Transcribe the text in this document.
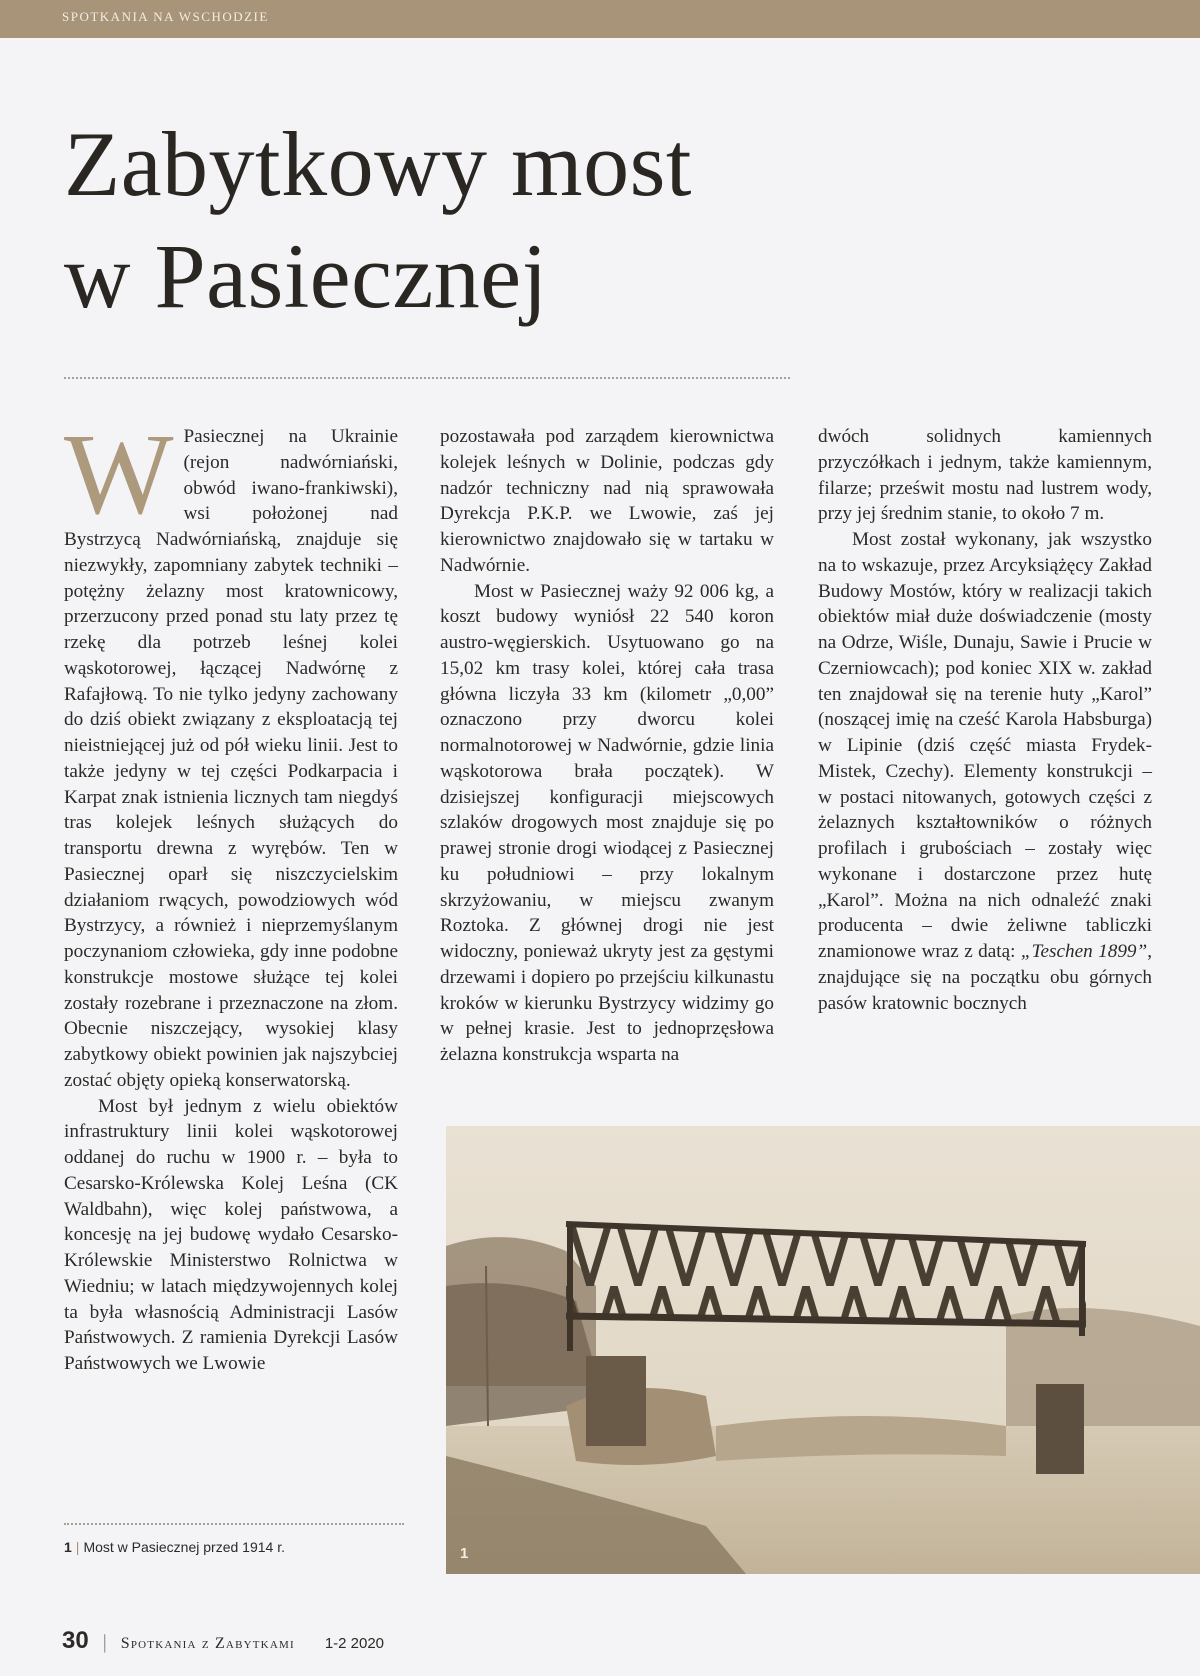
SPOTKANIA NA WSCHODZIE
Zabytkowy most
w Pasiecznej

W Pasiecznej na Ukrainie (rejon nadwórniański, obwód iwano-frankiwski), wsi położonej nad Bystrzycą Nadwórniańską, znajduje się niezwykły, zapomniany zabytek techniki – potężny żelazny most kratownicowy, przerzucony przed ponad stu laty przez tę rzekę dla potrzeb leśnej kolei wąskotorowej, łączącej Nadwórnę z Rafajłową. To nie tylko jedyny zachowany do dziś obiekt związany z eksploatacją tej nieistniejącej już od pół wieku linii. Jest to także jedyny w tej części Podkarpacia i Karpat znak istnienia licznych tam niegdyś tras kolejek leśnych służących do transportu drewna z wyrębów. Ten w Pasiecznej oparł się niszczycielskim działaniom rwących, powodziowych wód Bystrzycy, a również i nieprzemyślanym poczynaniom człowieka, gdy inne podobne konstrukcje mostowe służące tej kolei zostały rozebrane i przeznaczone na złom. Obecnie niszczejący, wysokiej klasy zabytkowy obiekt powinien jak najszybciej zostać objęty opieką konserwatorską.

Most był jednym z wielu obiektów infrastruktury linii kolei wąskotorowej oddanej do ruchu w 1900 r. – była to Cesarsko-Królewska Kolej Leśna (CK Waldbahn), więc kolej państwowa, a koncesję na jej budowę wydało Cesarsko-Królewskie Ministerstwo Rolnictwa w Wiedniu; w latach międzywojennych kolej ta była własnością Administracji Lasów Państwowych. Z ramienia Dyrekcji Lasów Państwowych we Lwowie

pozostawała pod zarządem kierownictwa kolejek leśnych w Dolinie, podczas gdy nadzór techniczny nad nią sprawowała Dyrekcja P.K.P. we Lwowie, zaś jej kierownictwo znajdowało się w tartaku w Nadwórnie.

Most w Pasiecznej waży 92 006 kg, a koszt budowy wyniósł 22 540 koron austro-węgierskich. Usytuowano go na 15,02 km trasy kolei, której cała trasa główna liczyła 33 km (kilometr „0,00” oznaczono przy dworcu kolei normalnotorowej w Nadwórnie, gdzie linia wąskotorowa brała początek). W dzisiejszej konfiguracji miejscowych szlaków drogowych most znajduje się po prawej stronie drogi wiodącej z Pasiecznej ku południowi – przy lokalnym skrzyżowaniu, w miejscu zwanym Roztoka. Z głównej drogi nie jest widoczny, ponieważ ukryty jest za gęstymi drzewami i dopiero po przejściu kilkunastu kroków w kierunku Bystrzycy widzimy go w pełnej krasie. Jest to jednoprzęsłowa żelazna konstrukcja wsparta na

dwóch solidnych kamiennych przyczółkach i jednym, także kamiennym, filarze; prześwit mostu nad lustrem wody, przy jej średnim stanie, to około 7 m.

Most został wykonany, jak wszystko na to wskazuje, przez Arcyksiążęcy Zakład Budowy Mostów, który w realizacji takich obiektów miał duże doświadczenie (mosty na Odrze, Wiśle, Dunaju, Sawie i Prucie w Czerniowcach); pod koniec XIX w. zakład ten znajdował się na terenie huty „Karol” (noszącej imię na cześć Karola Habsburga) w Lipinie (dziś część miasta Frydek-Mistek, Czechy). Elementy konstrukcji – w postaci nitowanych, gotowych części z żelaznych kształtowników o różnych profilach i grubościach – zostały więc wykonane i dostarczone przez hutę „Karol”. Można na nich odnaleźć znaki producenta – dwie żeliwne tabliczki znamionowe wraz z datą: „Teschen 1899”, znajdujące się na początku obu górnych pasów kratownic bocznych

1
1 | Most w Pasiecznej przed 1914 r.
30 | Spotkania z Zabytkami 1-2 2020
